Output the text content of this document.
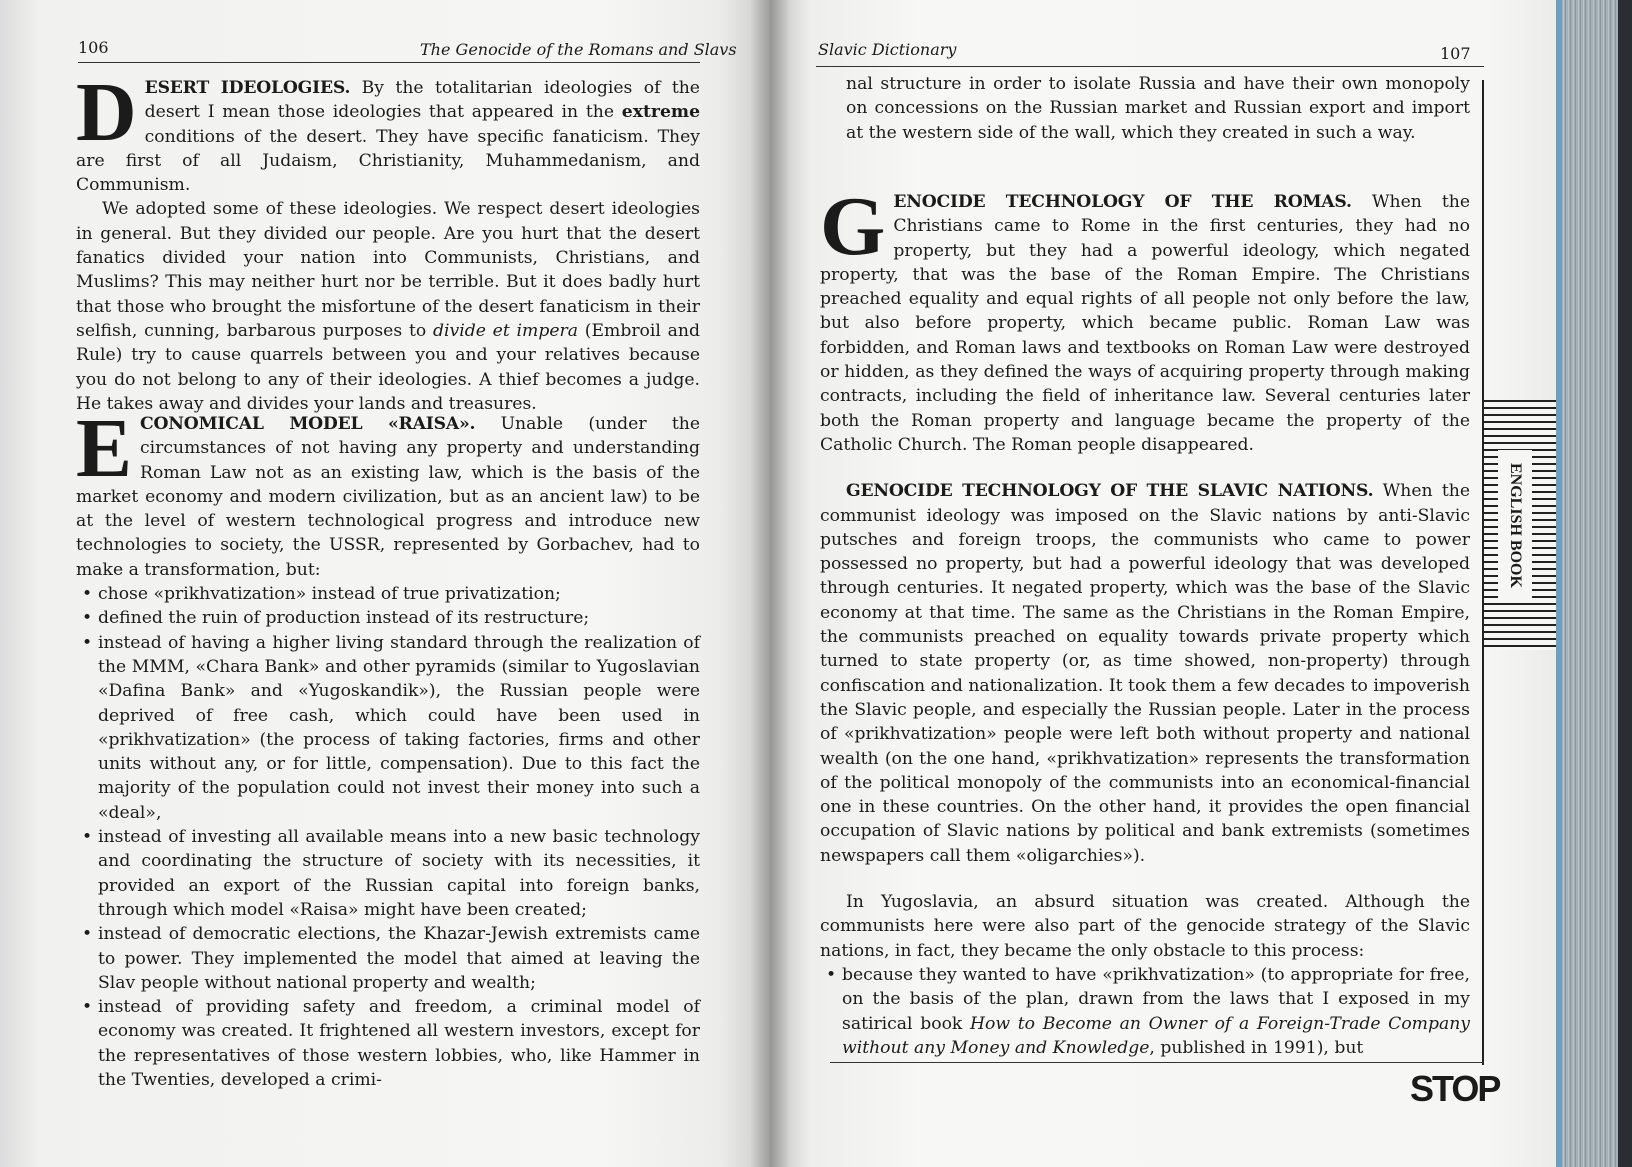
106	The Genocide of the Romans and Slavs

DESERT IDEOLOGIES. By the totalitarian ideologies of the desert I mean those ideologies that appeared in the extreme conditions of the desert. They have specific fanaticism. They are first of all Judaism, Christianity, Muhammedanism, and Communism.

We adopted some of these ideologies. We respect desert ideologies in general. But they divided our people. Are you hurt that the desert fanatics divided your nation into Communists, Christians, and Muslims? This may neither hurt nor be terrible. But it does badly hurt that those who brought the misfortune of the desert fanaticism in their selfish, cunning, barbarous purposes to divide et impera (Embroil and Rule) try to cause quarrels between you and your relatives because you do not belong to any of their ideologies. A thief becomes a judge. He takes away and divides your lands and treasures.

ECONOMICAL MODEL «RAISA». Unable (under the circumstances of not having any property and understanding Roman Law not as an existing law, which is the basis of the market economy and modern civilization, but as an ancient law) to be at the level of western technological progress and introduce new technologies to society, the USSR, represented by Gorbachev, had to make a transformation, but:

• chose «prikhvatization» instead of true privatization;
• defined the ruin of production instead of its restructure;
• instead of having a higher living standard through the realization of the MMM, «Chara Bank» and other pyramids (similar to Yugoslavian «Dafina Bank» and «Yugoskandik»), the Russian people were deprived of free cash, which could have been used in «prikhvatization» (the process of taking factories, firms and other units without any, or for little, compensation). Due to this fact the majority of the population could not invest their money into such a «deal»,
• instead of investing all available means into a new basic technology and coordinating the structure of society with its necessities, it provided an export of the Russian capital into foreign banks, through which model «Raisa» might have been created;
• instead of democratic elections, the Khazar-Jewish extremists came to power. They implemented the model that aimed at leaving the Slav people without national property and wealth;
• instead of providing safety and freedom, a criminal model of economy was created. It frightened all western investors, except for the representatives of those western lobbies, who, like Hammer in the Twenties, developed a crimi-
Slavic Dictionary	107
nal structure in order to isolate Russia and have their own monopoly on concessions on the Russian market and Russian export and import at the western side of the wall, which they created in such a way.

GENOCIDE TECHNOLOGY OF THE ROMAS. When the Christians came to Rome in the first centuries, they had no property, but they had a powerful ideology, which negated property, that was the base of the Roman Empire. The Christians preached equality and equal rights of all people not only before the law, but also before property, which became public. Roman Law was forbidden, and Roman laws and textbooks on Roman Law were destroyed or hidden, as they defined the ways of acquiring property through making contracts, including the field of inheritance law. Several centuries later both the Roman property and language became the property of the Catholic Church. The Roman people disappeared.

GENOCIDE TECHNOLOGY OF THE SLAVIC NATIONS. When the communist ideology was imposed on the Slavic nations by anti-Slavic putsches and foreign troops, the communists who came to power possessed no property, but had a powerful ideology that was developed through centuries. It negated property, which was the base of the Slavic economy at that time. The same as the Christians in the Roman Empire, the communists preached on equality towards private property which turned to state property (or, as time showed, non-property) through confiscation and nationalization. It took them a few decades to impoverish the Slavic people, and especially the Russian people. Later in the process of «prikhvatization» people were left both without property and national wealth (on the one hand, «prikhvatization» represents the transformation of the political monopoly of the communists into an economical-financial one in these countries. On the other hand, it provides the open financial occupation of Slavic nations by political and bank extremists (sometimes newspapers call them «oligarchies»).

In Yugoslavia, an absurd situation was created. Although the communists here were also part of the genocide strategy of the Slavic nations, in fact, they became the only obstacle to this process:

• because they wanted to have «prikhvatization» (to appropriate for free, on the basis of the plan, drawn from the laws that I exposed in my satirical book How to Become an Owner of a Foreign-Trade Company without any Money and Knowledge, published in 1991), but
ENGLISH BOOK
STOP
